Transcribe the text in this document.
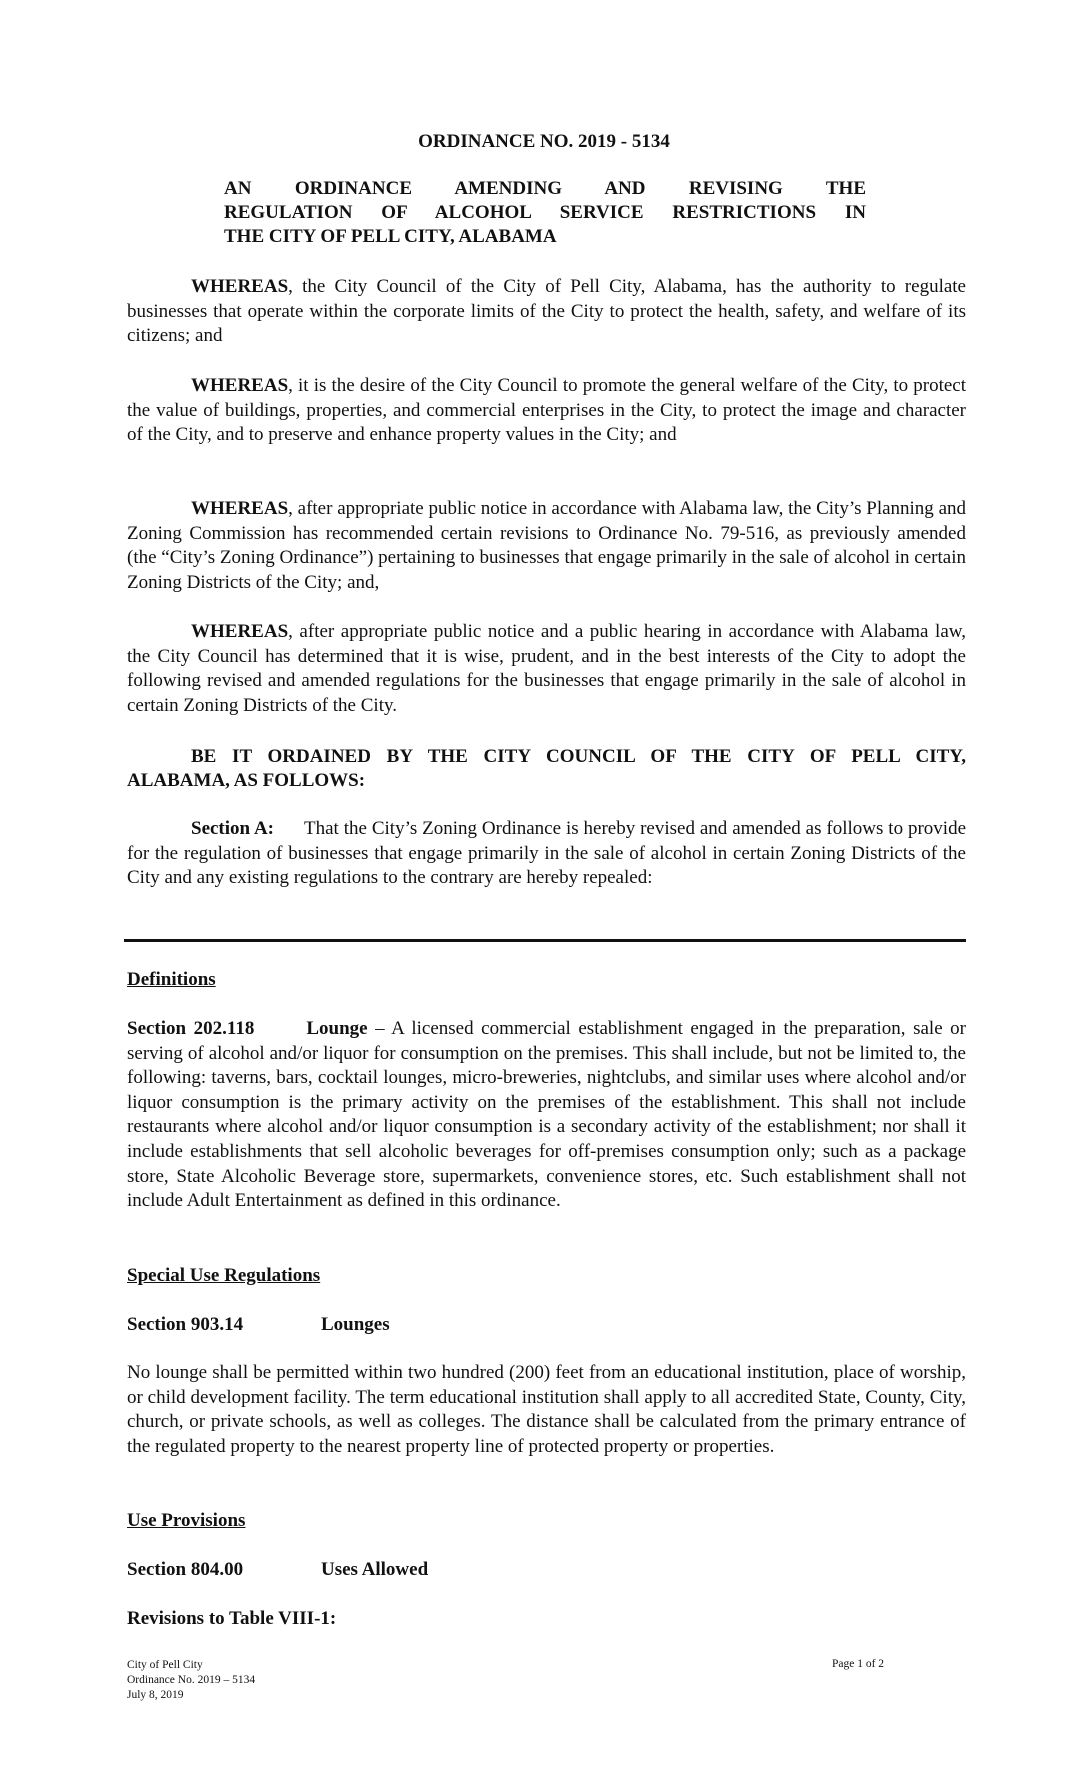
ORDINANCE NO. 2019 - 5134
AN ORDINANCE AMENDING AND REVISING THE
REGULATION OF ALCOHOL SERVICE RESTRICTIONS IN
THE CITY OF PELL CITY, ALABAMA

WHEREAS, the City Council of the City of Pell City, Alabama, has the authority to regulate businesses that operate within the corporate limits of the City to protect the health, safety, and welfare of its citizens; and

WHEREAS, it is the desire of the City Council to promote the general welfare of the City, to protect the value of buildings, properties, and commercial enterprises in the City, to protect the image and character of the City, and to preserve and enhance property values in the City; and

WHEREAS, after appropriate public notice in accordance with Alabama law, the City’s Planning and Zoning Commission has recommended certain revisions to Ordinance No. 79-516, as previously amended (the “City’s Zoning Ordinance”) pertaining to businesses that engage primarily in the sale of alcohol in certain Zoning Districts of the City; and,

WHEREAS, after appropriate public notice and a public hearing in accordance with Alabama law, the City Council has determined that it is wise, prudent, and in the best interests of the City to adopt the following revised and amended regulations for the businesses that engage primarily in the sale of alcohol in certain Zoning Districts of the City.

BE IT ORDAINED BY THE CITY COUNCIL OF THE CITY OF PELL CITY,
ALABAMA, AS FOLLOWS:

Section A: That the City’s Zoning Ordinance is hereby revised and amended as follows to provide for the regulation of businesses that engage primarily in the sale of alcohol in certain Zoning Districts of the City and any existing regulations to the contrary are hereby repealed:

Definitions
Section 202.118	Lounge – A licensed commercial establishment engaged in the preparation, sale or serving of alcohol and/or liquor for consumption on the premises. This shall include, but not be limited to, the following: taverns, bars, cocktail lounges, micro-breweries, nightclubs, and similar uses where alcohol and/or liquor consumption is the primary activity on the premises of the establishment. This shall not include restaurants where alcohol and/or liquor consumption is a secondary activity of the establishment; nor shall it include establishments that sell alcoholic beverages for off-premises consumption only; such as a package store, State Alcoholic Beverage store, supermarkets, convenience stores, etc. Such establishment shall not include Adult Entertainment as defined in this ordinance.
Special Use Regulations
Section 903.14	Lounges
No lounge shall be permitted within two hundred (200) feet from an educational institution, place of worship, or child development facility. The term educational institution shall apply to all accredited State, County, City, church, or private schools, as well as colleges. The distance shall be calculated from the primary entrance of the regulated property to the nearest property line of protected property or properties.
Use Provisions
Section 804.00	Uses Allowed
Revisions to Table VIII-1:
City of Pell City
Ordinance No. 2019 – 5134
July 8, 2019
Page 1 of 2
